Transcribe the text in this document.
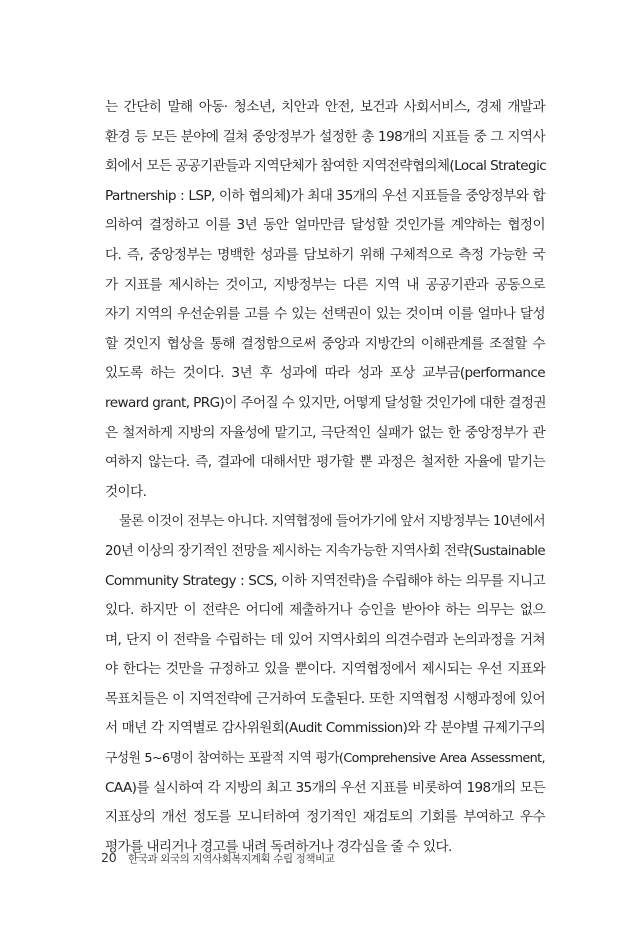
는 간단히 말해 아동· 청소년, 치안과 안전, 보건과 사회서비스, 경제 개발과
환경 등 모든 분야에 걸쳐 중앙정부가 설정한 총 198개의 지표들 중 그 지역사
회에서 모든 공공기관들과 지역단체가 참여한 지역전략협의체(Local Strategic
Partnership : LSP, 이하 협의체)가 최대 35개의 우선 지표들을 중앙정부와 합
의하여 결정하고 이를 3년 동안 얼마만큼 달성할 것인가를 계약하는 협정이
다. 즉, 중앙정부는 명백한 성과를 담보하기 위해 구체적으로 측정 가능한 국
가 지표를 제시하는 것이고, 지방정부는 다른 지역 내 공공기관과 공동으로
자기 지역의 우선순위를 고를 수 있는 선택권이 있는 것이며 이를 얼마나 달성
할 것인지 협상을 통해 결정함으로써 중앙과 지방간의 이해관계를 조절할 수
있도록 하는 것이다. 3년 후 성과에 따라 성과 포상 교부금(performance
reward grant, PRG)이 주어질 수 있지만, 어떻게 달성할 것인가에 대한 결정권
은 철저하게 지방의 자율성에 맡기고, 극단적인 실패가 없는 한 중앙정부가 관
여하지 않는다. 즉, 결과에 대해서만 평가할 뿐 과정은 철저한 자율에 맡기는
것이다.
물론 이것이 전부는 아니다. 지역협정에 들어가기에 앞서 지방정부는 10년에서
20년 이상의 장기적인 전망을 제시하는 지속가능한 지역사회 전략(Sustainable
Community Strategy : SCS, 이하 지역전략)을 수립해야 하는 의무를 지니고
있다. 하지만 이 전략은 어디에 제출하거나 승인을 받아야 하는 의무는 없으
며, 단지 이 전략을 수립하는 데 있어 지역사회의 의견수렴과 논의과정을 거쳐
야 한다는 것만을 규정하고 있을 뿐이다. 지역협정에서 제시되는 우선 지표와
목표치들은 이 지역전략에 근거하여 도출된다. 또한 지역협정 시행과정에 있어
서 매년 각 지역별로 감사위원회(Audit Commission)와 각 분야별 규제기구의
구성원 5~6명이 참여하는 포괄적 지역 평가(Comprehensive Area Assessment,
CAA)를 실시하여 각 지방의 최고 35개의 우선 지표를 비롯하여 198개의 모든
지표상의 개선 정도를 모니터하여 정기적인 재검토의 기회를 부여하고 우수
평가를 내리거나 경고를 내려 독려하거나 경각심을 줄 수 있다.
20 한국과 외국의 지역사회복지계획 수립 정책비교
